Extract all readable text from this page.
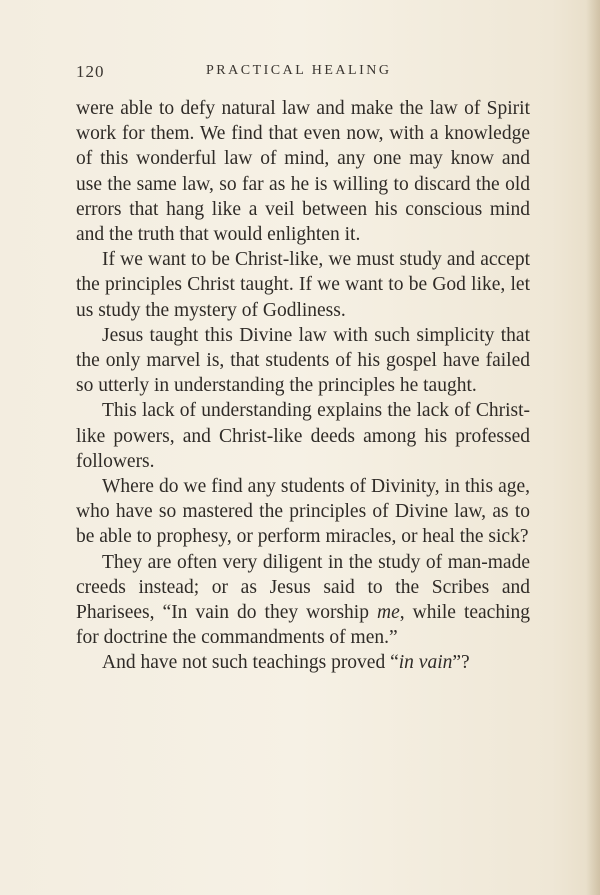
120	PRACTICAL HEALING

were able to defy natural law and make the law of Spirit work for them. We find that even now, with a knowledge of this wonderful law of mind, any one may know and use the same law, so far as he is willing to discard the old errors that hang like a veil between his conscious mind and the truth that would enlighten it.

If we want to be Christ-like, we must study and accept the principles Christ taught. If we want to be God like, let us study the mystery of Godliness.

Jesus taught this Divine law with such simplicity that the only marvel is, that students of his gospel have failed so utterly in understanding the principles he taught.

This lack of understanding explains the lack of Christ-like powers, and Christ-like deeds among his professed followers.

Where do we find any students of Divinity, in this age, who have so mastered the principles of Divine law, as to be able to prophesy, or perform miracles, or heal the sick?

They are often very diligent in the study of man-made creeds instead; or as Jesus said to the Scribes and Pharisees, “In vain do they worship me, while teaching for doctrine the commandments of men.”

And have not such teachings proved “in vain”?
